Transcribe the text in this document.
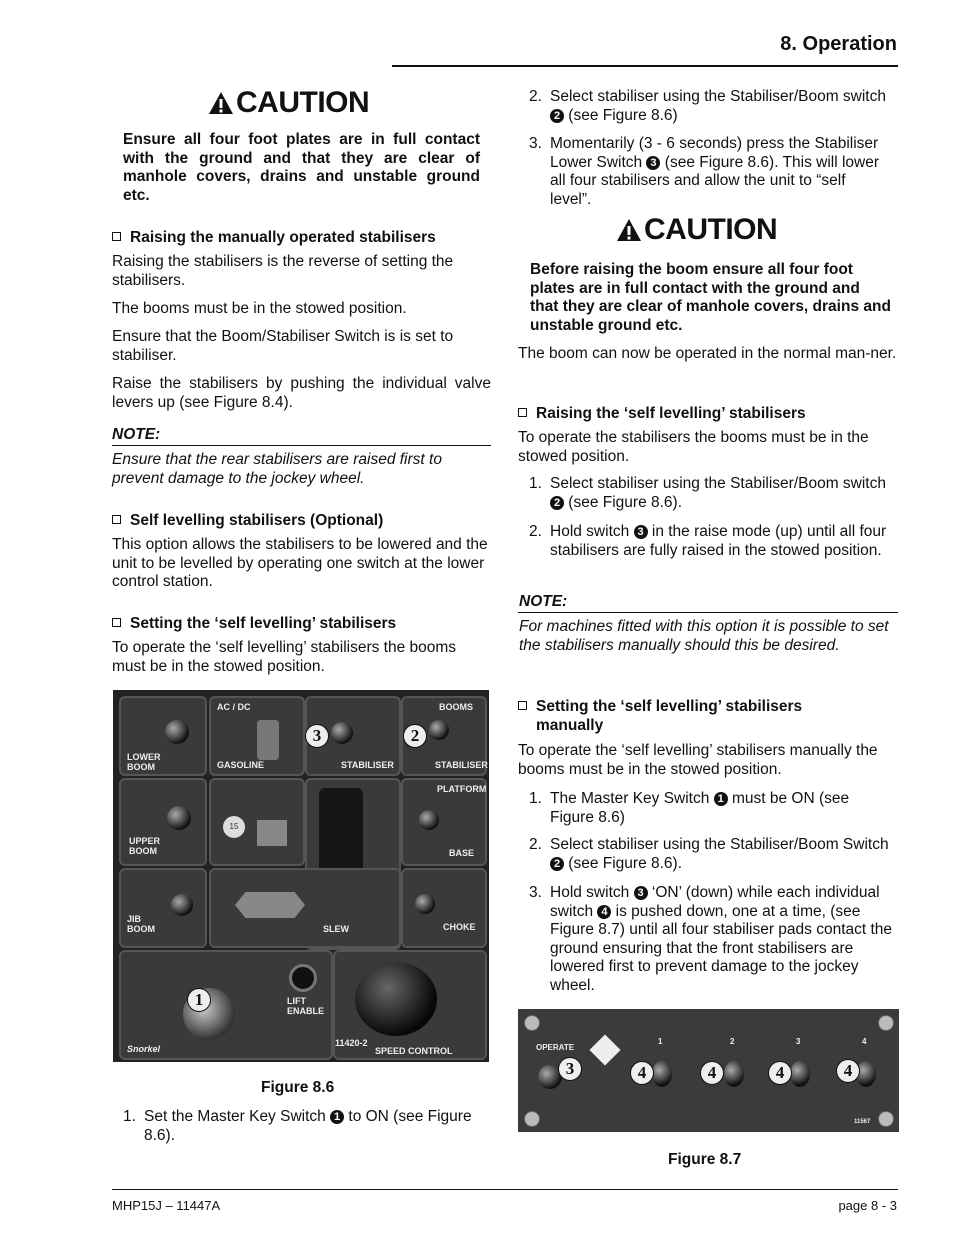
8. Operation
CAUTION
Ensure all four foot plates are in full contact with the ground and that they are clear of manhole covers, drains and unstable ground etc.
Raising the manually operated stabilisers
Raising the stabilisers is the reverse of setting the stabilisers.
The booms must be in the stowed position.
Ensure that the Boom/Stabiliser Switch is is set to stabiliser.
Raise the stabilisers by pushing the individual valve levers up (see Figure 8.4).
NOTE:
Ensure that the rear stabilisers are raised first to prevent damage to the jockey wheel.
Self levelling stabilisers (Optional)
This option allows the stabilisers to be lowered and the unit to be levelled by operating one switch at the lower control station.
Setting the ‘self levelling’ stabilisers
To operate the ‘self levelling’ stabilisers the booms must be in the stowed position.
LOWER BOOM
AC / DC
GASOLINE	STABILISER
BOOMS
STABILISER
UPPER BOOM
15
PLATFORM
BASE
JIB BOOM	SLEW	CHOKE
LIFT ENABLE
Snorkel
11420-2
SPEED CONTROL
3	2
1
Figure 8.6
1. Set the Master Key Switch 1 to ON (see Figure 8.6).
2. Select stabiliser using the Stabiliser/Boom switch 2 (see Figure 8.6)
3. Momentarily (3 - 6 seconds) press the Stabiliser Lower Switch 3 (see Figure 8.6). This will lower all four stabilisers and allow the unit to “self level”.
CAUTION
Before raising the boom ensure all four foot plates are in full contact with the ground and that they are clear of manhole covers, drains and unstable ground etc.
The boom can now be operated in the normal man-ner.
Raising the ‘self levelling’ stabilisers
To operate the stabilisers the booms must be in the stowed position.
1. Select stabiliser using the Stabiliser/Boom switch 2 (see Figure 8.6).
2. Hold switch 3 in the raise mode (up) until all four stabilisers are fully raised in the stowed position.
NOTE:
For machines fitted with this option it is possible to set the stabilisers manually should this be desired.
Setting the ‘self levelling’ stabilisers
manually
To operate the ‘self levelling’ stabilisers manually the booms must be in the stowed position.
1. The Master Key Switch 1 must be ON (see Figure 8.6)
2. Select stabiliser using the Stabiliser/Boom Switch 2 (see Figure 8.6).
3. Hold switch 3 ‘ON’ (down) while each individual switch 4 is pushed down, one at a time, (see Figure 8.7) until all four stabiliser pads contact the ground ensuring that the front stabilisers are lowered first to prevent damage to the jockey wheel.
OPERATE
1	2	3	4
11567
3	4	4	4	4
Figure 8.7
MHP15J – 11447A	page 8 - 3
